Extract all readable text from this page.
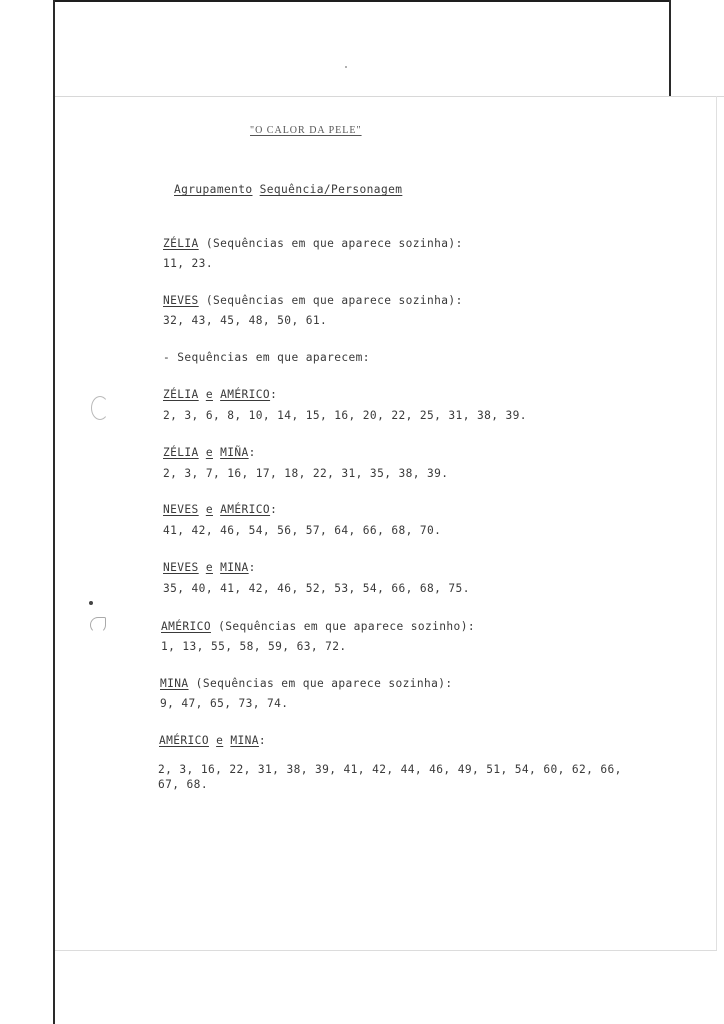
"O CALOR DA PELE"
Agrupamento Sequência/Personagem
ZÉLIA (Sequências em que aparece sozinha):
11, 23.
NEVES (Sequências em que aparece sozinha):
32, 43, 45, 48, 50, 61.
- Sequências em que aparecem:
ZÉLIA e AMÉRICO:
2, 3, 6, 8, 10, 14, 15, 16, 20, 22, 25, 31, 38, 39.
ZÉLIA e MIÑA:
2, 3, 7, 16, 17, 18, 22, 31, 35, 38, 39.
NEVES e AMÉRICO:
41, 42, 46, 54, 56, 57, 64, 66, 68, 70.
NEVES e MINA:
35, 40, 41, 42, 46, 52, 53, 54, 66, 68, 75.
AMÉRICO (Sequências em que aparece sozinho):
1, 13, 55, 58, 59, 63, 72.
MINA (Sequências em que aparece sozinha):
9, 47, 65, 73, 74.
AMÉRICO e MINA:
2, 3, 16, 22, 31, 38, 39, 41, 42, 44, 46, 49, 51, 54, 60, 62, 66,
67, 68.
